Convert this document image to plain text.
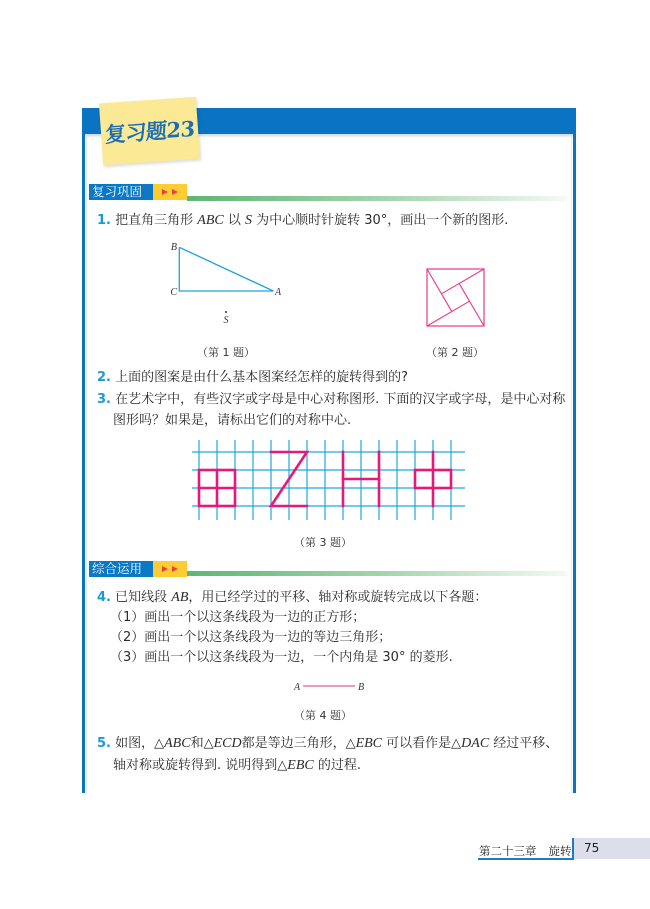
复习题23
复习巩固
1. 把直角三角形 ABC 以 S 为中心顺时针旋转 30°，画出一个新的图形.
B
C	A
S
（第 1 题）	（第 2 题）
2. 上面的图案是由什么基本图案经怎样的旋转得到的?
3. 在艺术字中，有些汉字或字母是中心对称图形. 下面的汉字或字母，是中心对称
图形吗？如果是，请标出它们的对称中心.
（第 3 题）
综合运用
4. 已知线段 AB，用已经学过的平移、轴对称或旋转完成以下各题：
（1）画出一个以这条线段为一边的正方形；
（2）画出一个以这条线段为一边的等边三角形；
（3）画出一个以这条线段为一边，一个内角是 30° 的菱形.
A	B
（第 4 题）
5. 如图，△ABC和△ECD都是等边三角形，△EBC 可以看作是△DAC 经过平移、
轴对称或旋转得到. 说明得到△EBC 的过程.
第二十三章 旋转 75
